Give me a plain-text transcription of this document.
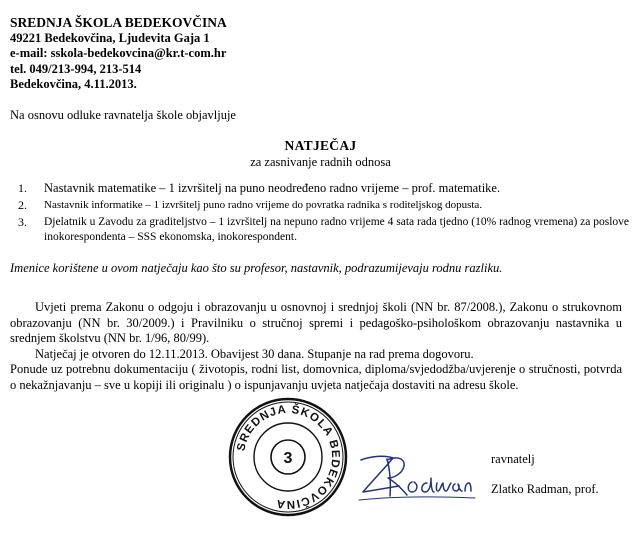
SREDNJA ŠKOLA BEDEKOVČINA
49221 Bedekovčina, Ljudevita Gaja 1
e-mail: sskola-bedekovcina@kr.t-com.hr
tel. 049/213-994, 213-514
Bedekovčina, 4.11.2013.
Na osnovu odluke ravnatelja škole objavljuje
NATJEČAJ
za zasnivanje radnih odnosa
1. Nastavnik matematike – 1 izvršitelj na puno neodređeno radno vrijeme – prof. matematike.
2. Nastavnik informatike – 1 izvršitelj puno radno vrijeme do povratka radnika s roditeljskog dopusta.
3. Djelatnik u Zavodu za graditeljstvo – 1 izvršitelj na nepuno radno vrijeme 4 sata rada tjedno (10% radnog vremena) za poslove inokorespondenta – SSS ekonomska, inokorespondent.
Imenice korištene u ovom natječaju kao što su profesor, nastavnik, podrazumijevaju rodnu razliku.

Uvjeti prema Zakonu o odgoju i obrazovanju u osnovnoj i srednjoj školi (NN br. 87/2008.), Zakonu o strukovnom obrazovanju (NN br. 30/2009.) i Pravilniku o stručnoj spremi i pedagoško-psihološkom obrazovanju nastavnika u srednjem školstvu (NN br. 1/96, 80/99).

Natječaj je otvoren do 12.11.2013. Obavijest 30 dana. Stupanje na rad prema dogovoru.

Ponude uz potrebnu dokumentaciju ( životopis, rodni list, domovnica, diploma/svjedodžba/uvjerenje o stručnosti, potvrda o nekažnjavanju – sve u kopiji ili originalu ) o ispunjavanju uvjeta natječaja dostaviti na adresu škole.

SREDNJA ŠKOLA BEDEKOVČINA
3	ravnatelj
Zlatko Radman, prof.
